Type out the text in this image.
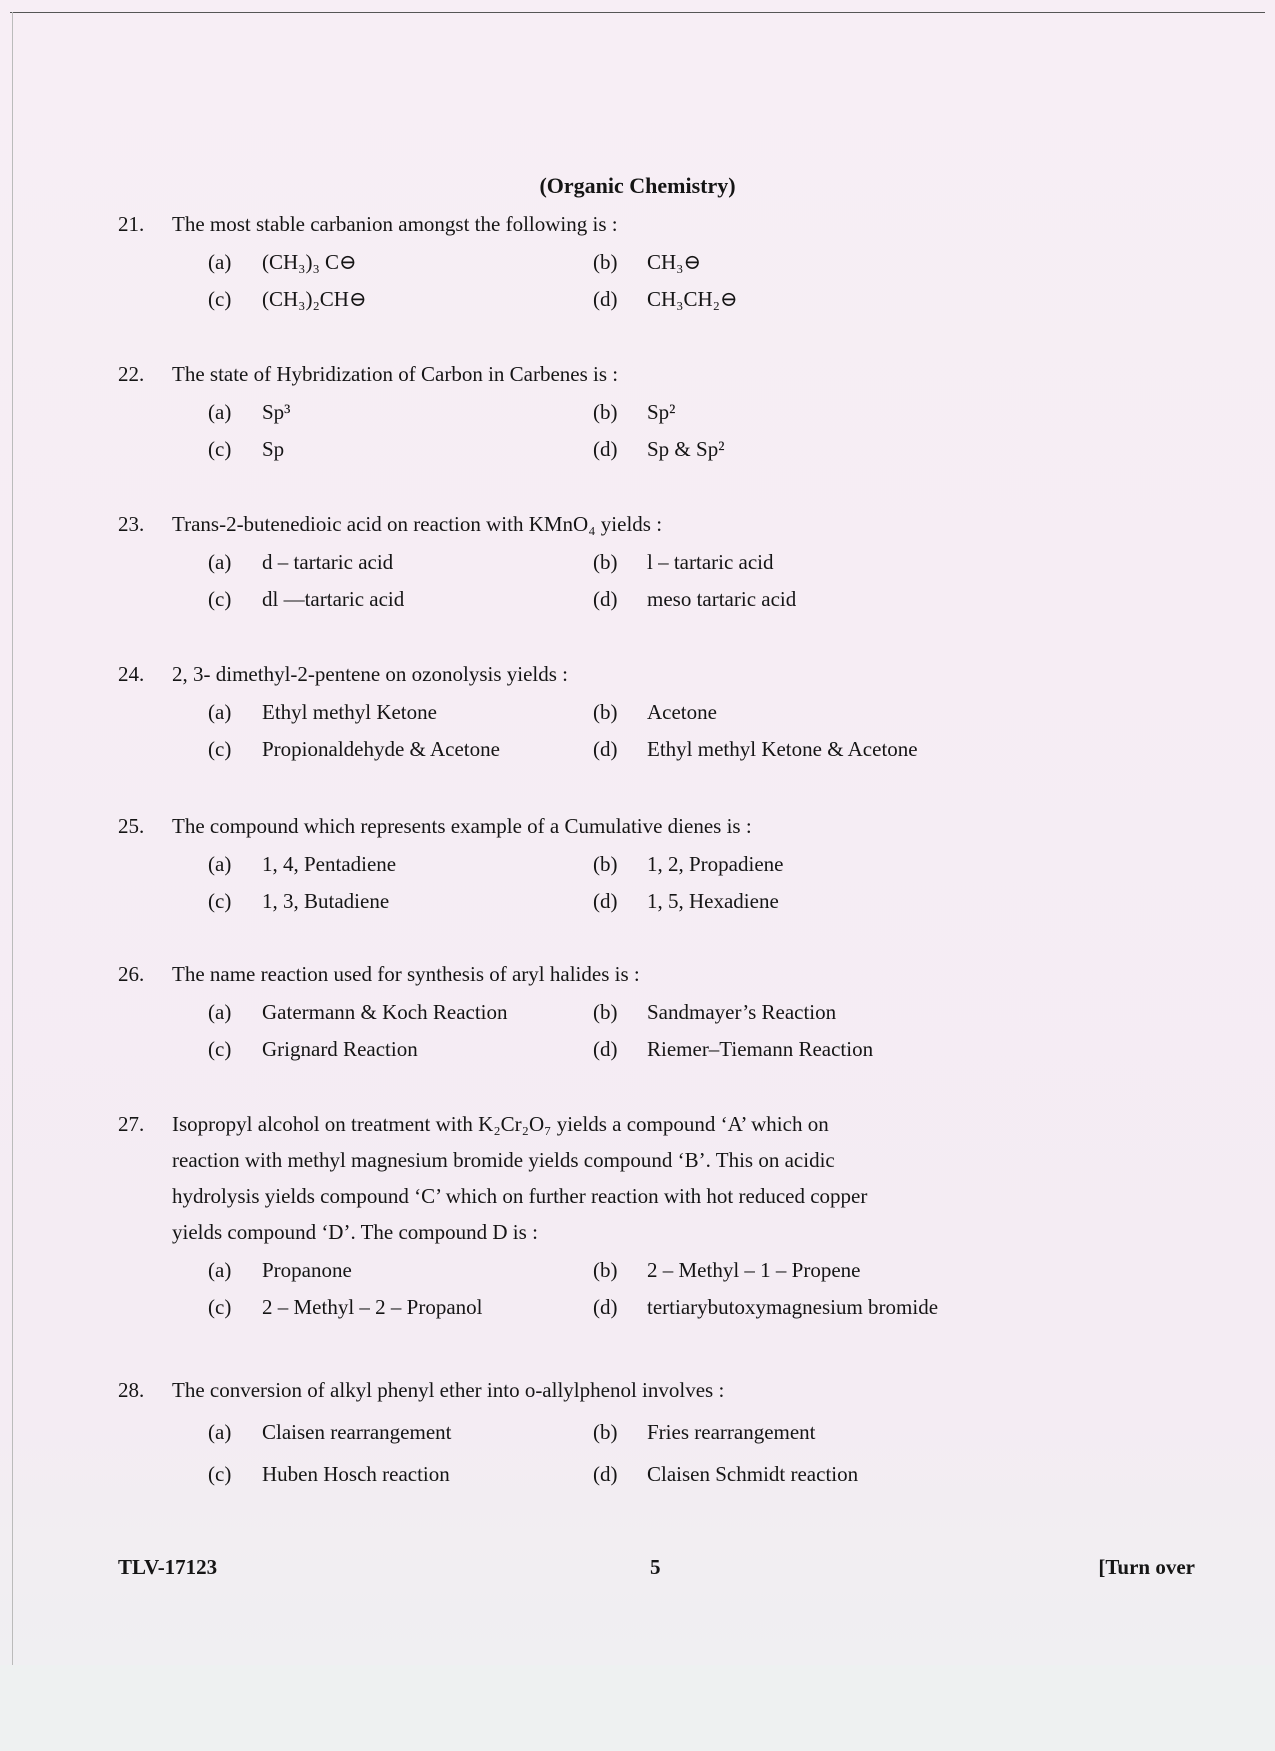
(Organic Chemistry)
21.	The most stable carbanion amongst the following is :
(a)	(CH₃)₃ C⊖	(b)	CH₃⊖
(c)	(CH₃)₂CH⊖	(d)	CH₃CH₂⊖
22.	The state of Hybridization of Carbon in Carbenes is :
(a)	Sp³	(b)	Sp²
(c)	Sp	(d)	Sp & Sp²
23.	Trans-2-butenedioic acid on reaction with KMnO₄ yields :
(a)	d – tartaric acid	(b)	l – tartaric acid
(c)	dl —tartaric acid	(d)	meso tartaric acid
24.	2, 3- dimethyl-2-pentene on ozonolysis yields :
(a)	Ethyl methyl Ketone	(b)	Acetone
(c)	Propionaldehyde & Acetone	(d)	Ethyl methyl Ketone & Acetone
25.	The compound which represents example of a Cumulative dienes is :
(a)	1, 4, Pentadiene	(b)	1, 2, Propadiene
(c)	1, 3, Butadiene	(d)	1, 5, Hexadiene
26.	The name reaction used for synthesis of aryl halides is :
(a)	Gatermann & Koch Reaction	(b)	Sandmayer’s Reaction
(c)	Grignard Reaction	(d)	Riemer–Tiemann Reaction
27.	Isopropyl alcohol on treatment with K₂Cr₂O₇ yields a compound ‘A’ which on
reaction with methyl magnesium bromide yields compound ‘B’. This on acidic
hydrolysis yields compound ‘C’ which on further reaction with hot reduced copper
yields compound ‘D’. The compound D is :
(a)	Propanone	(b)	2 – Methyl – 1 – Propene
(c)	2 – Methyl – 2 – Propanol	(d)	tertiarybutoxymagnesium bromide
28.	The conversion of alkyl phenyl ether into o-allylphenol involves :
(a)	Claisen rearrangement	(b)	Fries rearrangement
(c)	Huben Hosch reaction	(d)	Claisen Schmidt reaction
TLV-17123	5	[Turn over
